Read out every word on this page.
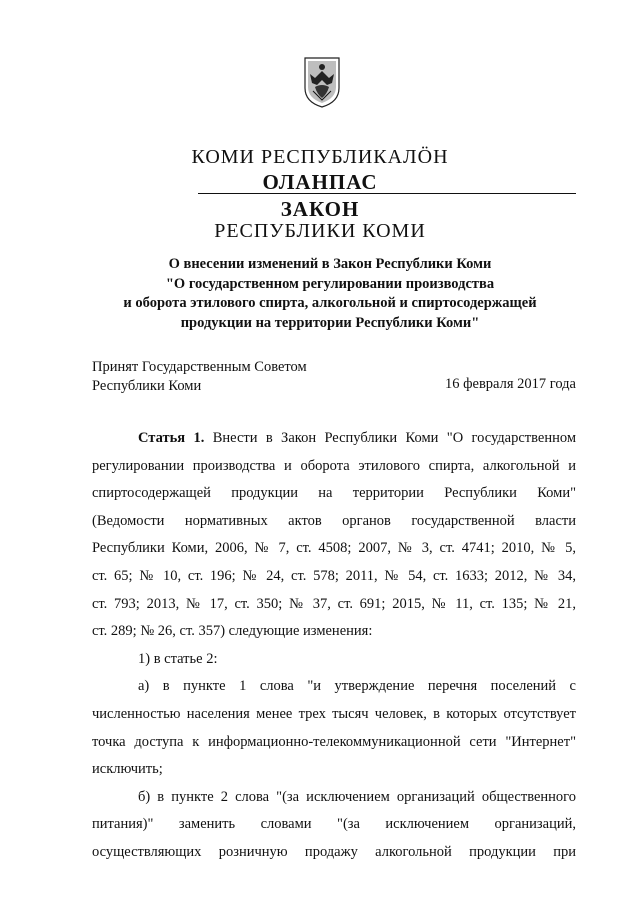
КОМИ РЕСПУБЛИКАЛӦН
ОЛАНПАС
ЗАКОН
РЕСПУБЛИКИ КОМИ
О внесении изменений в Закон Республики Коми
"О государственном регулировании производства
и оборота этилового спирта, алкогольной и спиртосодержащей
продукции на территории Республики Коми"
Принят Государственным Советом
Республики Коми	16 февраля 2017 года
Статья 1. Внести в Закон Республики Коми "О государственном
регулировании производства и оборота этилового спирта, алкогольной и
спиртосодержащей продукции на территории Республики Коми"
(Ведомости нормативных актов органов государственной власти
Республики Коми, 2006, № 7, ст. 4508; 2007, № 3, ст. 4741; 2010, № 5,
ст. 65; № 10, ст. 196; № 24, ст. 578; 2011, № 54, ст. 1633; 2012, № 34,
ст. 793; 2013, № 17, ст. 350; № 37, ст. 691; 2015, № 11, ст. 135; № 21,
ст. 289; № 26, ст. 357) следующие изменения:
1) в статье 2:
а) в пункте 1 слова "и утверждение перечня поселений с
численностью населения менее трех тысяч человек, в которых отсутствует
точка доступа к информационно-телекоммуникационной сети "Интернет"
исключить;
б) в пункте 2 слова "(за исключением организаций общественного
питания)" заменить словами "(за исключением организаций,
осуществляющих розничную продажу алкогольной продукции при
